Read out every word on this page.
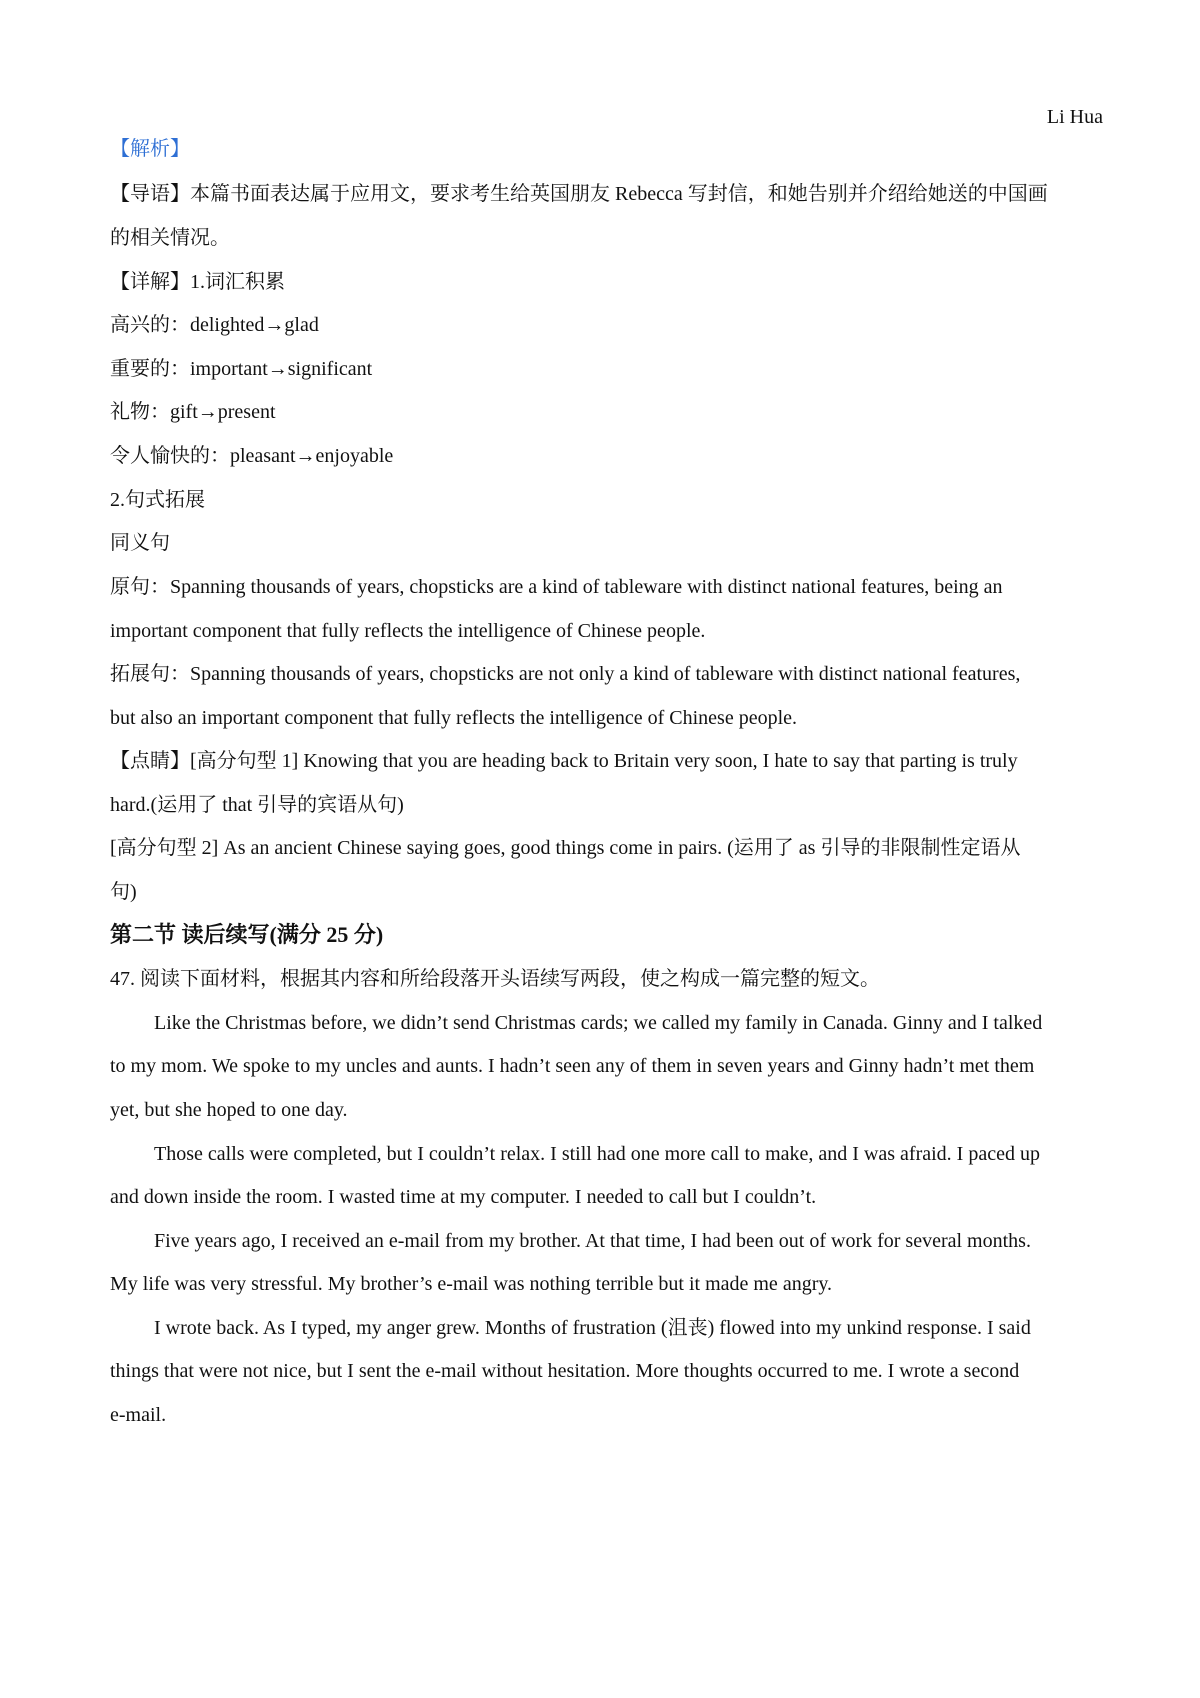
Li Hua
【解析】
【导语】本篇书面表达属于应用文，要求考生给英国朋友 Rebecca 写封信，和她告别并介绍给她送的中国画
的相关情况。
【详解】1.词汇积累
高兴的：delighted→glad
重要的：important→significant
礼物：gift→present
令人愉快的：pleasant→enjoyable
2.句式拓展
同义句
原句：Spanning thousands of years, chopsticks are a kind of tableware with distinct national features, being an
important component that fully reflects the intelligence of Chinese people.
拓展句：Spanning thousands of years, chopsticks are not only a kind of tableware with distinct national features,
but also an important component that fully reflects the intelligence of Chinese people.
【点睛】[高分句型 1] Knowing that you are heading back to Britain very soon, I hate to say that parting is truly
hard.(运用了 that 引导的宾语从句)
[高分句型 2] As an ancient Chinese saying goes, good things come in pairs. (运用了 as 引导的非限制性定语从
句)
第二节 读后续写(满分 25 分)
47. 阅读下面材料，根据其内容和所给段落开头语续写两段，使之构成一篇完整的短文。
Like the Christmas before, we didn’t send Christmas cards; we called my family in Canada. Ginny and I talked
to my mom. We spoke to my uncles and aunts. I hadn’t seen any of them in seven years and Ginny hadn’t met them
yet, but she hoped to one day.
Those calls were completed, but I couldn’t relax. I still had one more call to make, and I was afraid. I paced up
and down inside the room. I wasted time at my computer. I needed to call but I couldn’t.
Five years ago, I received an e-mail from my brother. At that time, I had been out of work for several months.
My life was very stressful. My brother’s e-mail was nothing terrible but it made me angry.
I wrote back. As I typed, my anger grew. Months of frustration (沮丧) flowed into my unkind response. I said
things that were not nice, but I sent the e-mail without hesitation. More thoughts occurred to me. I wrote a second
e-mail.
